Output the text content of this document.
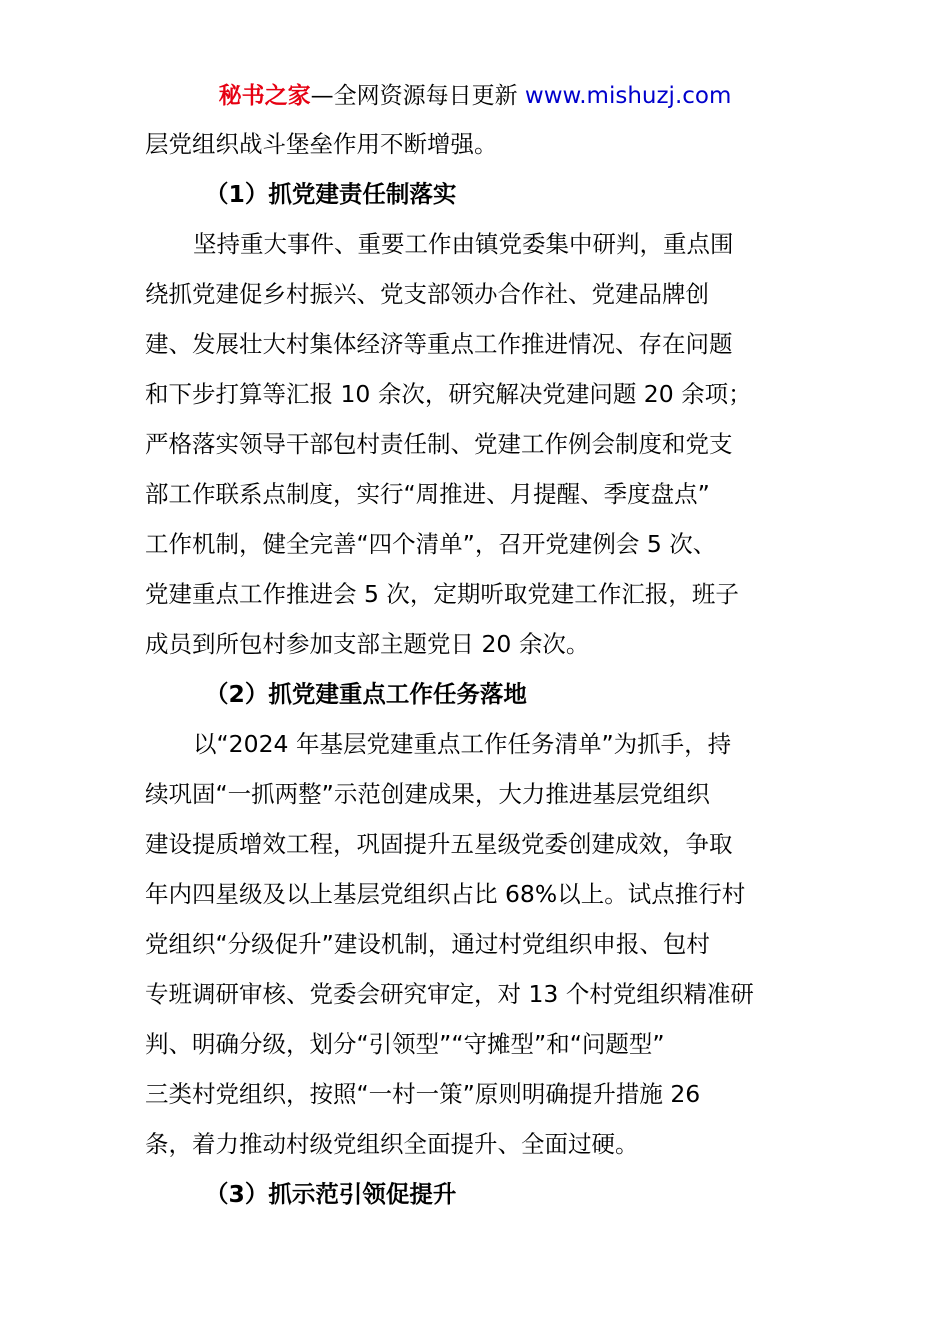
秘书之家—全网资源每日更新 www.mishuzj.com
层党组织战斗堡垒作用不断增强。
（1）抓党建责任制落实
坚持重大事件、重要工作由镇党委集中研判，重点围
绕抓党建促乡村振兴、党支部领办合作社、党建品牌创
建、发展壮大村集体经济等重点工作推进情况、存在问题
和下步打算等汇报 10 余次，研究解决党建问题 20 余项；
严格落实领导干部包村责任制、党建工作例会制度和党支
部工作联系点制度，实行“周推进、月提醒、季度盘点”
工作机制，健全完善“四个清单”，召开党建例会 5 次、
党建重点工作推进会 5 次，定期听取党建工作汇报，班子
成员到所包村参加支部主题党日 20 余次。
（2）抓党建重点工作任务落地
以“2024 年基层党建重点工作任务清单”为抓手，持
续巩固“一抓两整”示范创建成果，大力推进基层党组织
建设提质增效工程，巩固提升五星级党委创建成效，争取
年内四星级及以上基层党组织占比 68%以上。试点推行村
党组织“分级促升”建设机制，通过村党组织申报、包村
专班调研审核、党委会研究审定，对 13 个村党组织精准研
判、明确分级，划分“引领型”“守摊型”和“问题型”
三类村党组织，按照“一村一策”原则明确提升措施 26
条，着力推动村级党组织全面提升、全面过硬。
（3）抓示范引领促提升
